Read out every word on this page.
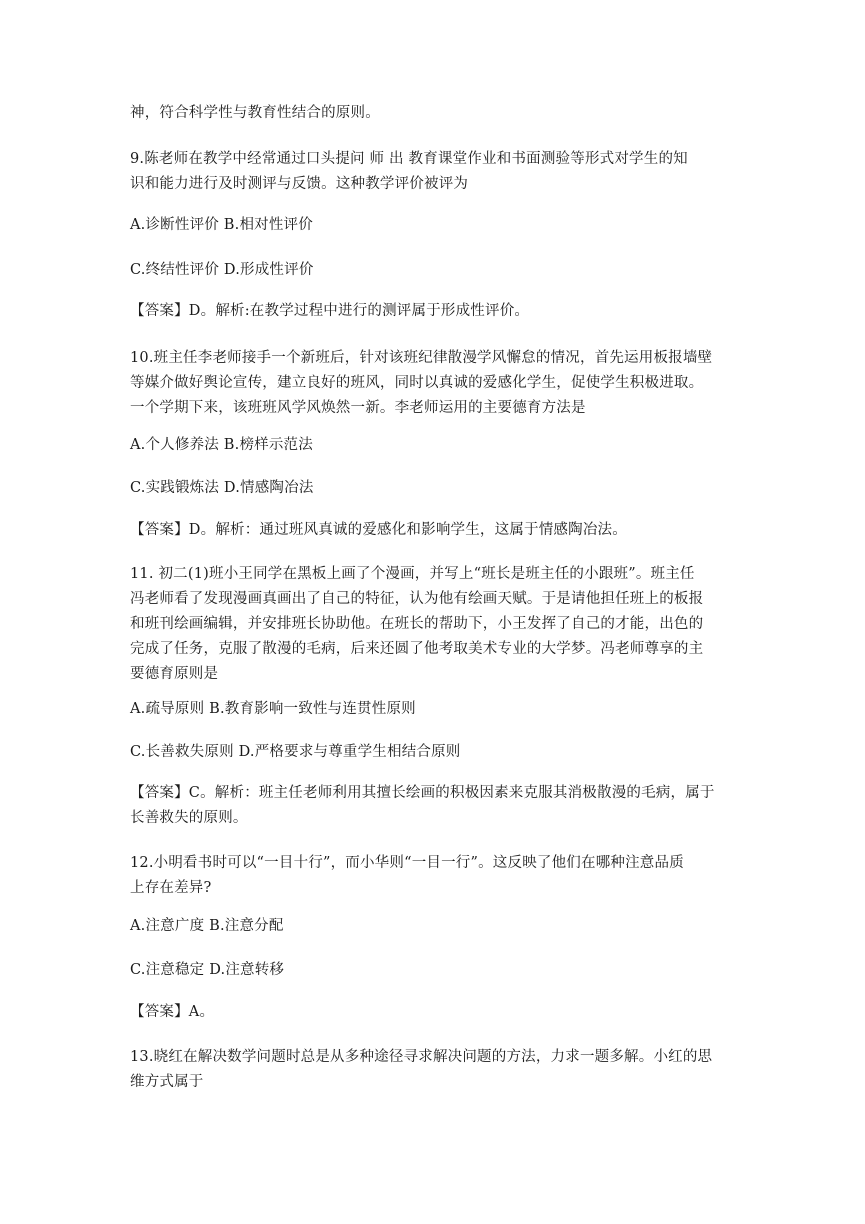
神，符合科学性与教育性结合的原则。
9.陈老师在教学中经常通过口头提问 师 出 教育课堂作业和书面测验等形式对学生的知
识和能力进行及时测评与反馈。这种教学评价被评为
A.诊断性评价 B.相对性评价
C.终结性评价 D.形成性评价
【答案】D。解析:在教学过程中进行的测评属于形成性评价。
10.班主任李老师接手一个新班后，针对该班纪律散漫学风懈怠的情况，首先运用板报墙壁
等媒介做好舆论宣传，建立良好的班风，同时以真诚的爱感化学生，促使学生积极进取。
一个学期下来，该班班风学风焕然一新。李老师运用的主要德育方法是
A.个人修养法 B.榜样示范法
C.实践锻炼法 D.情感陶冶法
【答案】D。解析：通过班风真诚的爱感化和影响学生，这属于情感陶冶法。
11. 初二(1)班小王同学在黑板上画了个漫画，并写上“班长是班主任的小跟班”。班主任
冯老师看了发现漫画真画出了自己的特征，认为他有绘画天赋。于是请他担任班上的板报
和班刊绘画编辑，并安排班长协助他。在班长的帮助下，小王发挥了自己的才能，出色的
完成了任务，克服了散漫的毛病，后来还圆了他考取美术专业的大学梦。冯老师尊享的主
要德育原则是
A.疏导原则 B.教育影响一致性与连贯性原则
C.长善救失原则 D.严格要求与尊重学生相结合原则
【答案】C。解析：班主任老师利用其擅长绘画的积极因素来克服其消极散漫的毛病，属于
长善救失的原则。
12.小明看书时可以“一目十行”，而小华则“一目一行”。这反映了他们在哪种注意品质
上存在差异?
A.注意广度 B.注意分配
C.注意稳定 D.注意转移
【答案】A。
13.晓红在解决数学问题时总是从多种途径寻求解决问题的方法，力求一题多解。小红的思
维方式属于
